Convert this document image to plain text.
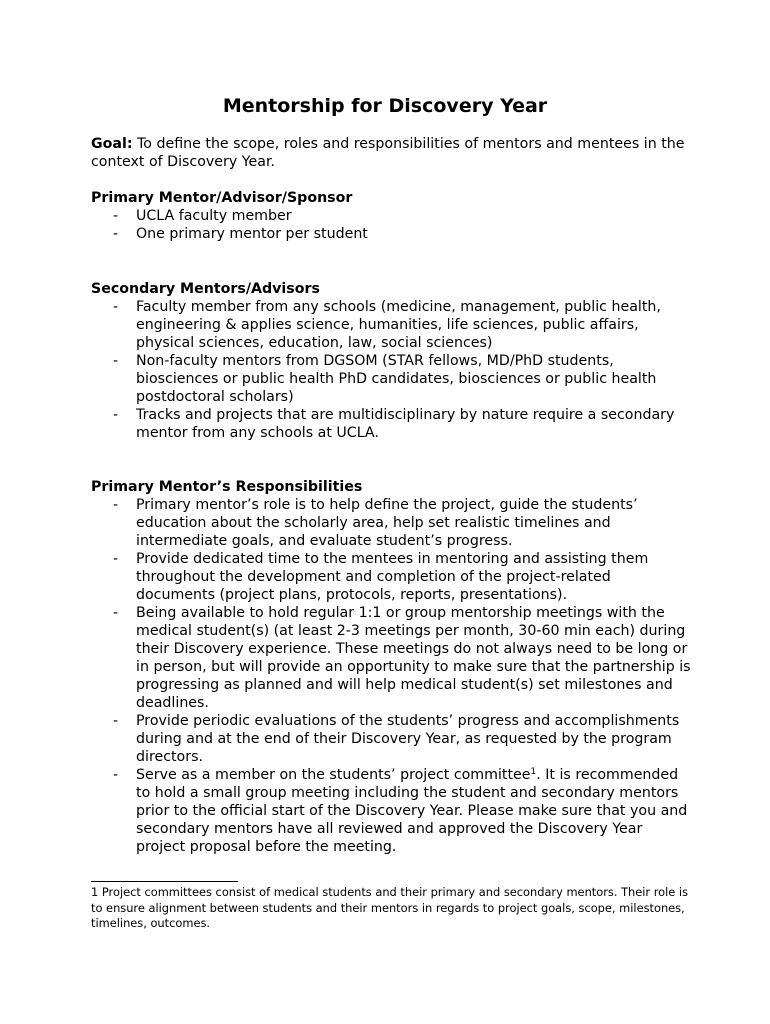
Mentorship for Discovery Year
Goal: To define the scope, roles and responsibilities of mentors and mentees in the context of Discovery Year.

Primary Mentor/Advisor/Sponsor

- UCLA faculty member
- One primary mentor per student

Secondary Mentors/Advisors

- Faculty member from any schools (medicine, management, public health, engineering & applies science, humanities, life sciences, public affairs, physical sciences, education, law, social sciences)
- Non-faculty mentors from DGSOM (STAR fellows, MD/PhD students, biosciences or public health PhD candidates, biosciences or public health postdoctoral scholars)
- Tracks and projects that are multidisciplinary by nature require a secondary mentor from any schools at UCLA.

Primary Mentor’s Responsibilities

- Primary mentor’s role is to help define the project, guide the students’ education about the scholarly area, help set realistic timelines and intermediate goals, and evaluate student’s progress.
- Provide dedicated time to the mentees in mentoring and assisting them throughout the development and completion of the project-related documents (project plans, protocols, reports, presentations).
- Being available to hold regular 1:1 or group mentorship meetings with the medical student(s) (at least 2-3 meetings per month, 30-60 min each) during their Discovery experience. These meetings do not always need to be long or in person, but will provide an opportunity to make sure that the partnership is progressing as planned and will help medical student(s) set milestones and deadlines.
- Provide periodic evaluations of the students’ progress and accomplishments during and at the end of their Discovery Year, as requested by the program directors.
- Serve as a member on the students’ project committee$^1$. It is recommended to hold a small group meeting including the student and secondary mentors prior to the official start of the Discovery Year. Please make sure that you and secondary mentors have all reviewed and approved the Discovery Year project proposal before the meeting.
1 Project committees consist of medical students and their primary and secondary mentors. Their role is to ensure alignment between students and their mentors in regards to project goals, scope, milestones, timelines, outcomes.
